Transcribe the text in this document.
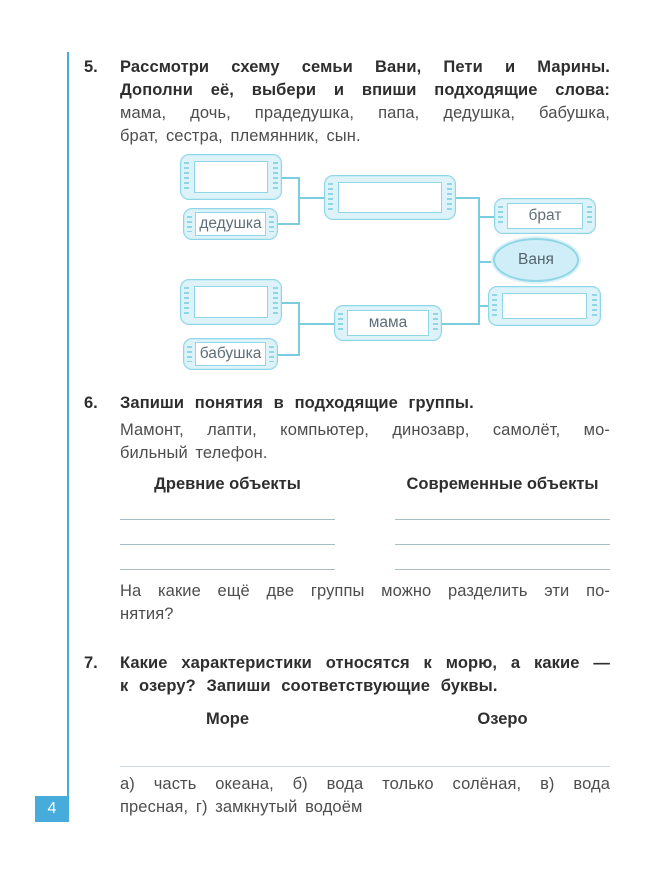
4
5.	Рассмотри схему семьи Вани, Пети и Марины.
Дополни её, выбери и впиши подходящие слова:
мама, дочь, прадедушка, папа, дедушка, бабушка,
брат, сестра, племянник, сын.
дедушка
мама
бабушка
брат
Ваня
6.	Запиши понятия в подходящие группы.
Мамонт, лапти, компьютер, динозавр, самолёт, мо-
бильный телефон.
Древние объекты	Современные объекты
На какие ещё две группы можно разделить эти по-
нятия?
7.	Какие характеристики относятся к морю, а какие —
к озеру? Запиши соответствующие буквы.
Море	Озеро
а) часть океана, б) вода только солёная, в) вода
пресная, г) замкнутый водоём
